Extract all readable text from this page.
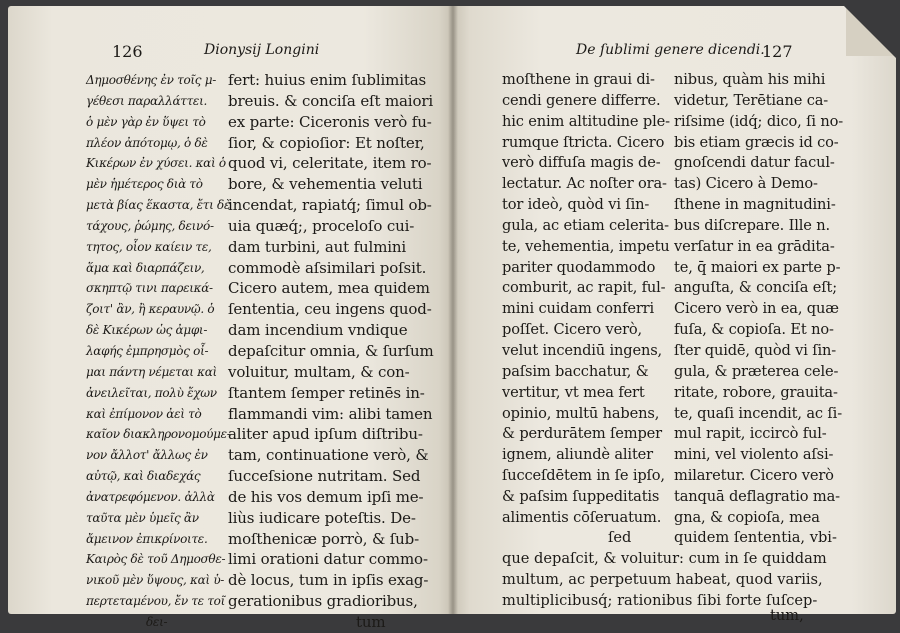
126	Dionysij Longini
Δημοσθένης ἐν τοῖς μ-
γέθεσι παραλλάττει.
ὁ μὲν γὰρ ἐν ὕψει τὸ
πλέον ἀπότομῳ, ὁ δὲ
Κικέρων ἐν χύσει. καὶ ὁ
μὲν ἡμέτερος διὰ τὸ
μετὰ βίας ἕκαστα, ἔτι δὲ
τάχους, ῥώμης, δεινό-
τητος, οἷον καίειν τε,
ἅμα καὶ διαρπάζειν,
σκηπτῷ τινι παρεικά-
ζοιτ' ἂν, ἢ κεραυνῷ. ὁ
δὲ Κικέρων ὡς ἀμφι-
λαφής ἐμπρησμὸς οἶ-
μαι πάντη νέμεται καὶ
ἀνειλεῖται, πολὺ ἔχων
καὶ ἐπίμονον ἀεὶ τὸ
καῖον διακληρονομούμε-
νον ἄλλοτ' ἄλλως ἐν
αὐτῷ, καὶ διαδεχάς
ἀνατρεφόμενον. ἀλλὰ
ταῦτα μὲν ὑμεῖς ἂν
ἄμεινον ἐπικρίνοιτε.
Καιρὸς δὲ τοῦ Δημοσθε-
νικοῦ μὲν ὕψους, καὶ ὑ-
περτεταμένου, ἔν τε τοῖ
δει-
fert: huius enim ſublimitas
breuis. & conciſa eſt maiori
ex parte: Ciceronis verò fu-
ſior, & copioſior: Et noſter,
quod vi, celeritate, item ro-
bore, & vehementia veluti
incendat, rapiatq́; ſimul ob-
uia quæq́;, proceloſo cui-
dam turbini, aut fulmini
commodè aſsimilari poſsit.
Cicero autem, mea quidem
ſententia, ceu ingens quod-
dam incendium vndique
depaſcitur omnia, & ſurſum
voluitur, multam, & con-
ſtantem ſemper retinēs in-
flammandi vim: alibi tamen
aliter apud ipſum diſtribu-
tam, continuatione verò, &
ſucceſsione nutritam. Sed
de his vos demum ipſi me-
liùs iudicare poteſtis. De-
moſthenicæ porrò, & ſub-
limi orationi datur commo-
dè locus, tum in ipſis exag-
gerationibus gradioribus,
tum
De ſublimi genere dicendi.
127
moſthene in graui di-
cendi genere differre.
hic enim altitudine ple-
rumque ſtricta. Cicero
verò diffuſa magis de-
lectatur. Ac noſter ora-
tor ideò, quòd vi ſin-
gula, ac etiam celerita-
te, vehementia, impetu
pariter quodammodo
comburit, ac rapit, ful-
mini cuidam conferri
poſſet. Cicero verò,
velut incendiū ingens,
paſsim bacchatur, &
vertitur, vt mea fert
opinio, multū habens,
& perdurātem ſemper
ignem, aliundè aliter
ſucceſdētem in ſe ipſo,
& paſsim ſuppeditatis
alimentis cōſeruatum.
nibus, quàm his mihi
videtur, Terētiane ca-
riſsime (idq́; dico, ſi no-
bis etiam græcis id co-
gnoſcendi datur facul-
tas) Cicero à Demo-
ſthene in magnitudini-
bus diſcrepare. Ille n.
verſatur in ea grādita-
te, q̄ maiori ex parte p-
anguſta, & conciſa eſt;
Cicero verò in ea, quæ
fuſa, & copioſa. Et no-
ſter quidē, quòd vi ſin-
gula, & præterea cele-
ritate, robore, grauita-
te, quaſi incendit, ac ſi-
mul rapit, iccircò ful-
mini, vel violento aſsi-
milaretur. Cicero verò
tanquā deflagratio ma-
gna, & copioſa, mea
ſed	quidem ſententia, vbi-
que depaſcit, & voluitur: cum in ſe quiddam
multum, ac perpetuum habeat, quod variis,
multiplicibusq́; rationibus ſibi forte ſuſcep-
tum,
